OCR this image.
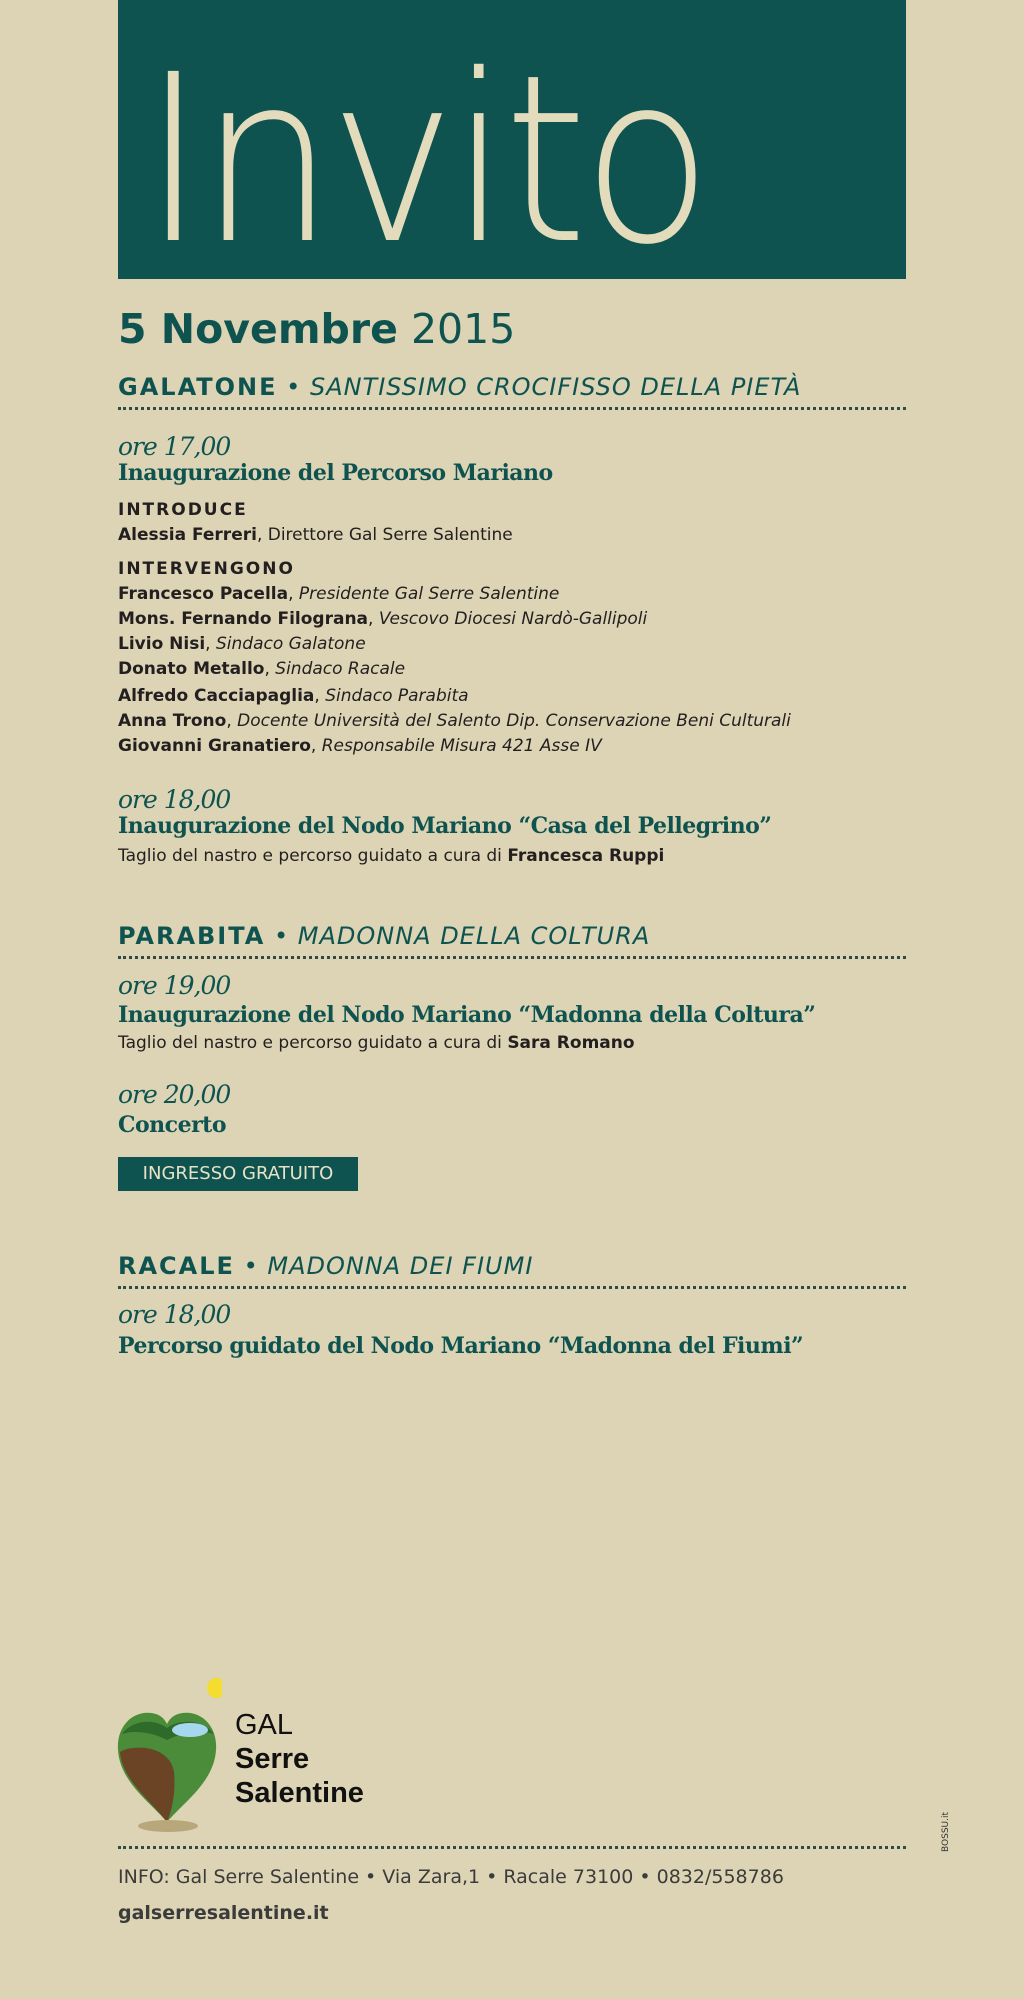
Invito
5 Novembre 2015
GALATONE • SANTISSIMO CROCIFISSO DELLA PIETÀ
ore 17,00
Inaugurazione del Percorso Mariano
INTRODUCE
Alessia Ferreri, Direttore Gal Serre Salentine
INTERVENGONO
Francesco Pacella, Presidente Gal Serre Salentine
Mons. Fernando Filograna, Vescovo Diocesi Nardò-Gallipoli
Livio Nisi, Sindaco Galatone
Donato Metallo, Sindaco Racale
Alfredo Cacciapaglia, Sindaco Parabita
Anna Trono, Docente Università del Salento Dip. Conservazione Beni Culturali
Giovanni Granatiero, Responsabile Misura 421 Asse IV
ore 18,00
Inaugurazione del Nodo Mariano “Casa del Pellegrino”
Taglio del nastro e percorso guidato a cura di Francesca Ruppi
PARABITA • MADONNA DELLA COLTURA
ore 19,00
Inaugurazione del Nodo Mariano “Madonna della Coltura”
Taglio del nastro e percorso guidato a cura di Sara Romano
ore 20,00
Concerto
INGRESSO GRATUITO
RACALE • MADONNA DEI FIUMI
ore 18,00
Percorso guidato del Nodo Mariano “Madonna del Fiumi”
GAL
Serre
Salentine
BOSSU.it
INFO: Gal Serre Salentine • Via Zara,1 • Racale 73100 • 0832/558786
galserresalentine.it
